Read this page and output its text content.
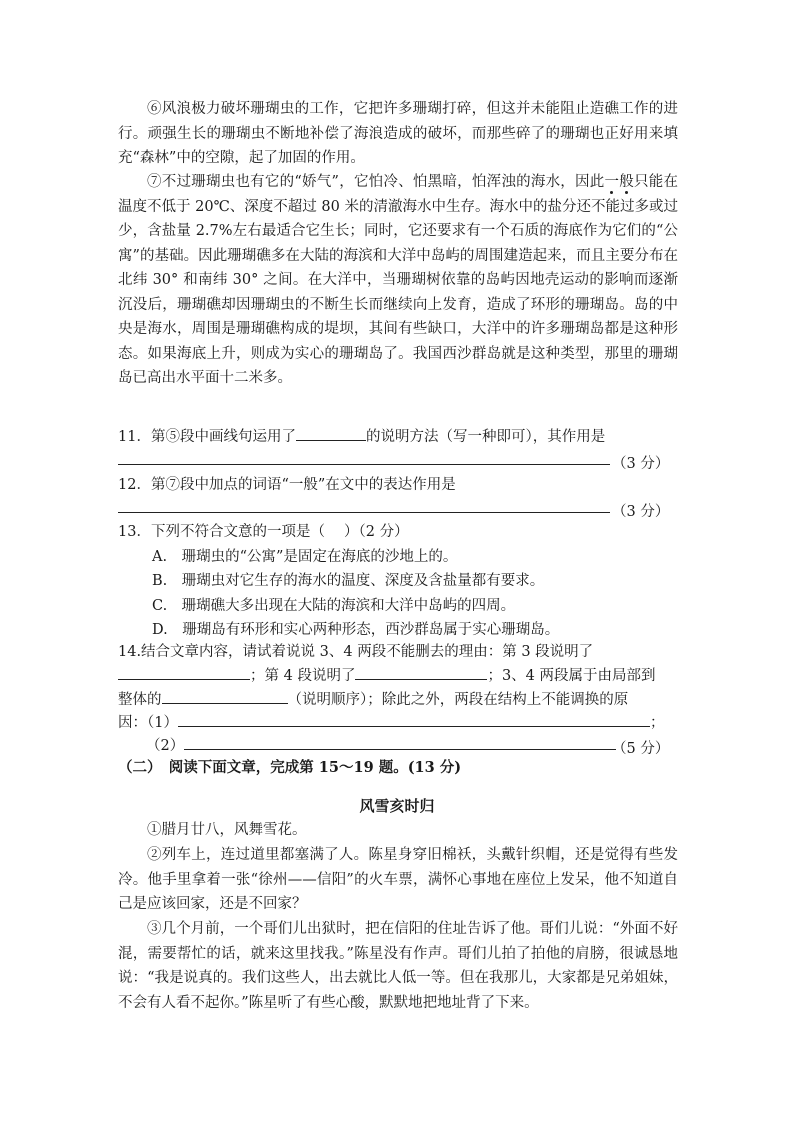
⑥风浪极力破坏珊瑚虫的工作，它把许多珊瑚打碎，但这并未能阻止造礁工作的进行。顽强生长的珊瑚虫不断地补偿了海浪造成的破坏，而那些碎了的珊瑚也正好用来填充“森林”中的空隙，起了加固的作用。
⑦不过珊瑚虫也有它的“娇气”，它怕冷、怕黑暗，怕浑浊的海水，因此一般只能在温度不低于 20℃、深度不超过 80 米的清澈海水中生存。海水中的盐分还不能过多或过少，含盐量 2.7%左右最适合它生长；同时，它还要求有一个石质的海底作为它们的“公寓”的基础。因此珊瑚礁多在大陆的海滨和大洋中岛屿的周围建造起来，而且主要分布在北纬 30° 和南纬 30° 之间。在大洋中，当珊瑚树依靠的岛屿因地壳运动的影响而逐渐沉没后，珊瑚礁却因珊瑚虫的不断生长而继续向上发育，造成了环形的珊瑚岛。岛的中央是海水，周围是珊瑚礁构成的堤坝，其间有些缺口，大洋中的许多珊瑚岛都是这种形态。如果海底上升，则成为实心的珊瑚岛了。我国西沙群岛就是这种类型，那里的珊瑚岛已高出水平面十二米多。
11．第⑤段中画线句运用了	的说明方法（写一种即可），其作用是
（3 分）
12．第⑦段中加点的词语“一般”在文中的表达作用是
（3 分）
13．下列不符合文意的一项是（　 ）（2 分）
A.　珊瑚虫的“公寓”是固定在海底的沙地上的。
B.　珊瑚虫对它生存的海水的温度、深度及含盐量都有要求。
C.　珊瑚礁大多出现在大陆的海滨和大洋中岛屿的四周。
D.　珊瑚岛有环形和实心两种形态，西沙群岛属于实心珊瑚岛。
14.结合文章内容，请试着说说 3、4 两段不能删去的理由：第 3 段说明了
；第 4 段说明了	；3、4 两段属于由局部到
整体的	（说明顺序）；除此之外，两段在结构上不能调换的原
因：（1）	；
（2）	（5 分）
（二）　阅读下面文章，完成第 15～19 题。(13 分)
风雪亥时归
①腊月廿八，风舞雪花。
②列车上，连过道里都塞满了人。陈星身穿旧棉袄，头戴针织帽，还是觉得有些发冷。他手里拿着一张“徐州——信阳”的火车票，满怀心事地在座位上发呆，他不知道自己是应该回家，还是不回家？
③几个月前，一个哥们儿出狱时，把在信阳的住址告诉了他。哥们儿说：“外面不好混，需要帮忙的话，就来这里找我。”陈星没有作声。哥们儿拍了拍他的肩膀，很诚恳地说：“我是说真的。我们这些人，出去就比人低一等。但在我那儿，大家都是兄弟姐妹，不会有人看不起你。”陈星听了有些心酸，默默地把地址背了下来。
